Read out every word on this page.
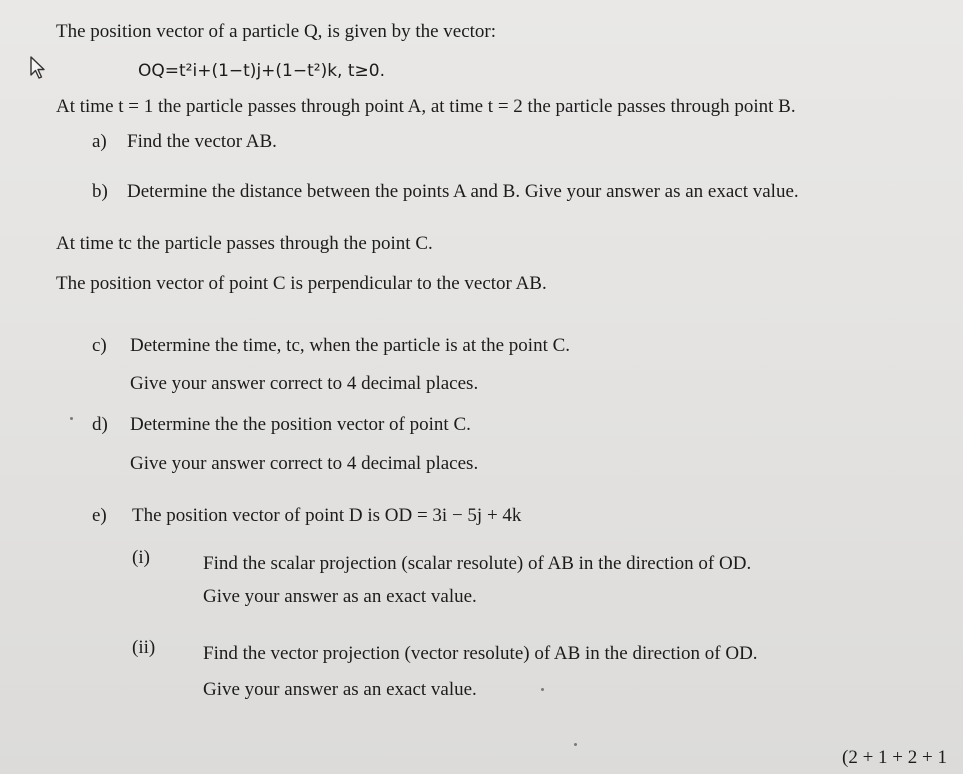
The position vector of a particle Q, is given by the vector:
OQ=t²i+(1−t)j+(1−t²)k, t≥0.
At time t = 1 the particle passes through point A, at time t = 2 the particle passes through point B.
a) Find the vector AB.
b) Determine the distance between the points A and B. Give your answer as an exact value.
At time tc the particle passes through the point C.
The position vector of point C is perpendicular to the vector AB.
c) Determine the time, tc, when the particle is at the point C.
Give your answer correct to 4 decimal places.
d) Determine the the position vector of point C.
Give your answer correct to 4 decimal places.
e) The position vector of point D is OD = 3i − 5j + 4k
(i)	Find the scalar projection (scalar resolute) of AB in the direction of OD.
Give your answer as an exact value.
(ii)	Find the vector projection (vector resolute) of AB in the direction of OD.
Give your answer as an exact value.
(2 + 1 + 2 + 1
